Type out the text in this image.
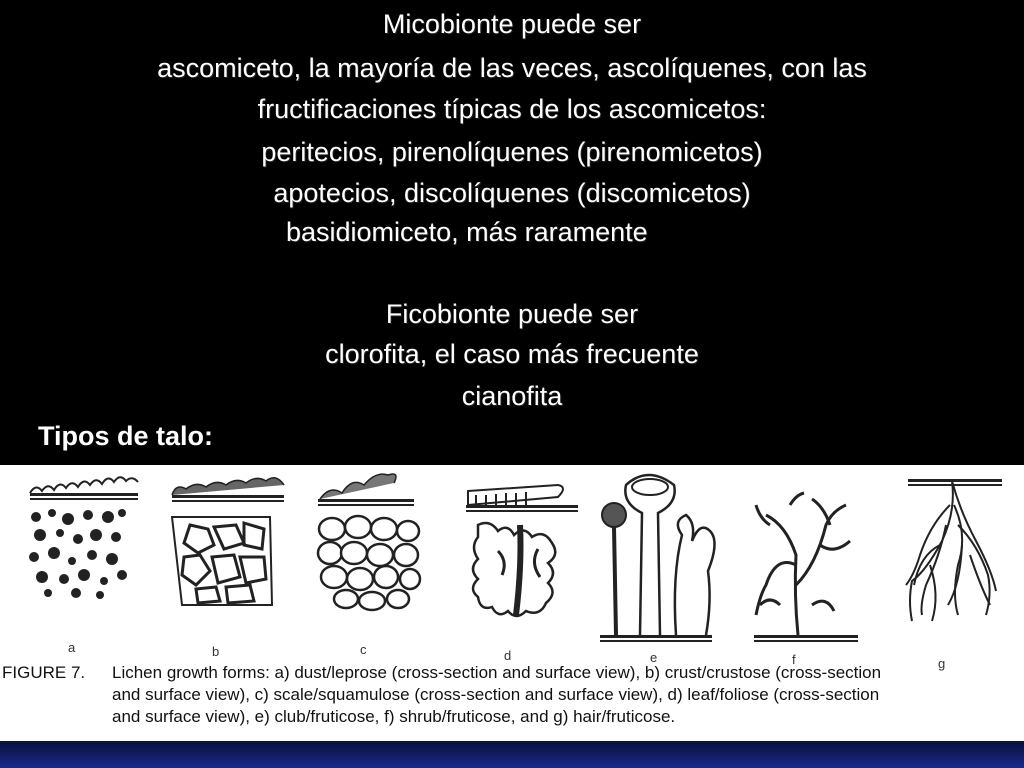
Micobionte puede ser
ascomiceto, la mayoría de las veces, ascolíquenes, con las
fructificaciones típicas de los ascomicetos:
peritecios, pirenolíquenes (pirenomicetos)
apotecios, discolíquenes (discomicetos)
basidiomiceto, más raramente
Ficobionte puede ser
clorofita, el caso más frecuente
cianofita
Tipos de talo:
a	b	c	d	e	f	g
FIGURE 7. Lichen growth forms: a) dust/leprose (cross-section and surface view), b) crust/crustose (cross-section
and surface view), c) scale/squamulose (cross-section and surface view), d) leaf/foliose (cross-section
and surface view), e) club/fruticose, f) shrub/fruticose, and g) hair/fruticose.
